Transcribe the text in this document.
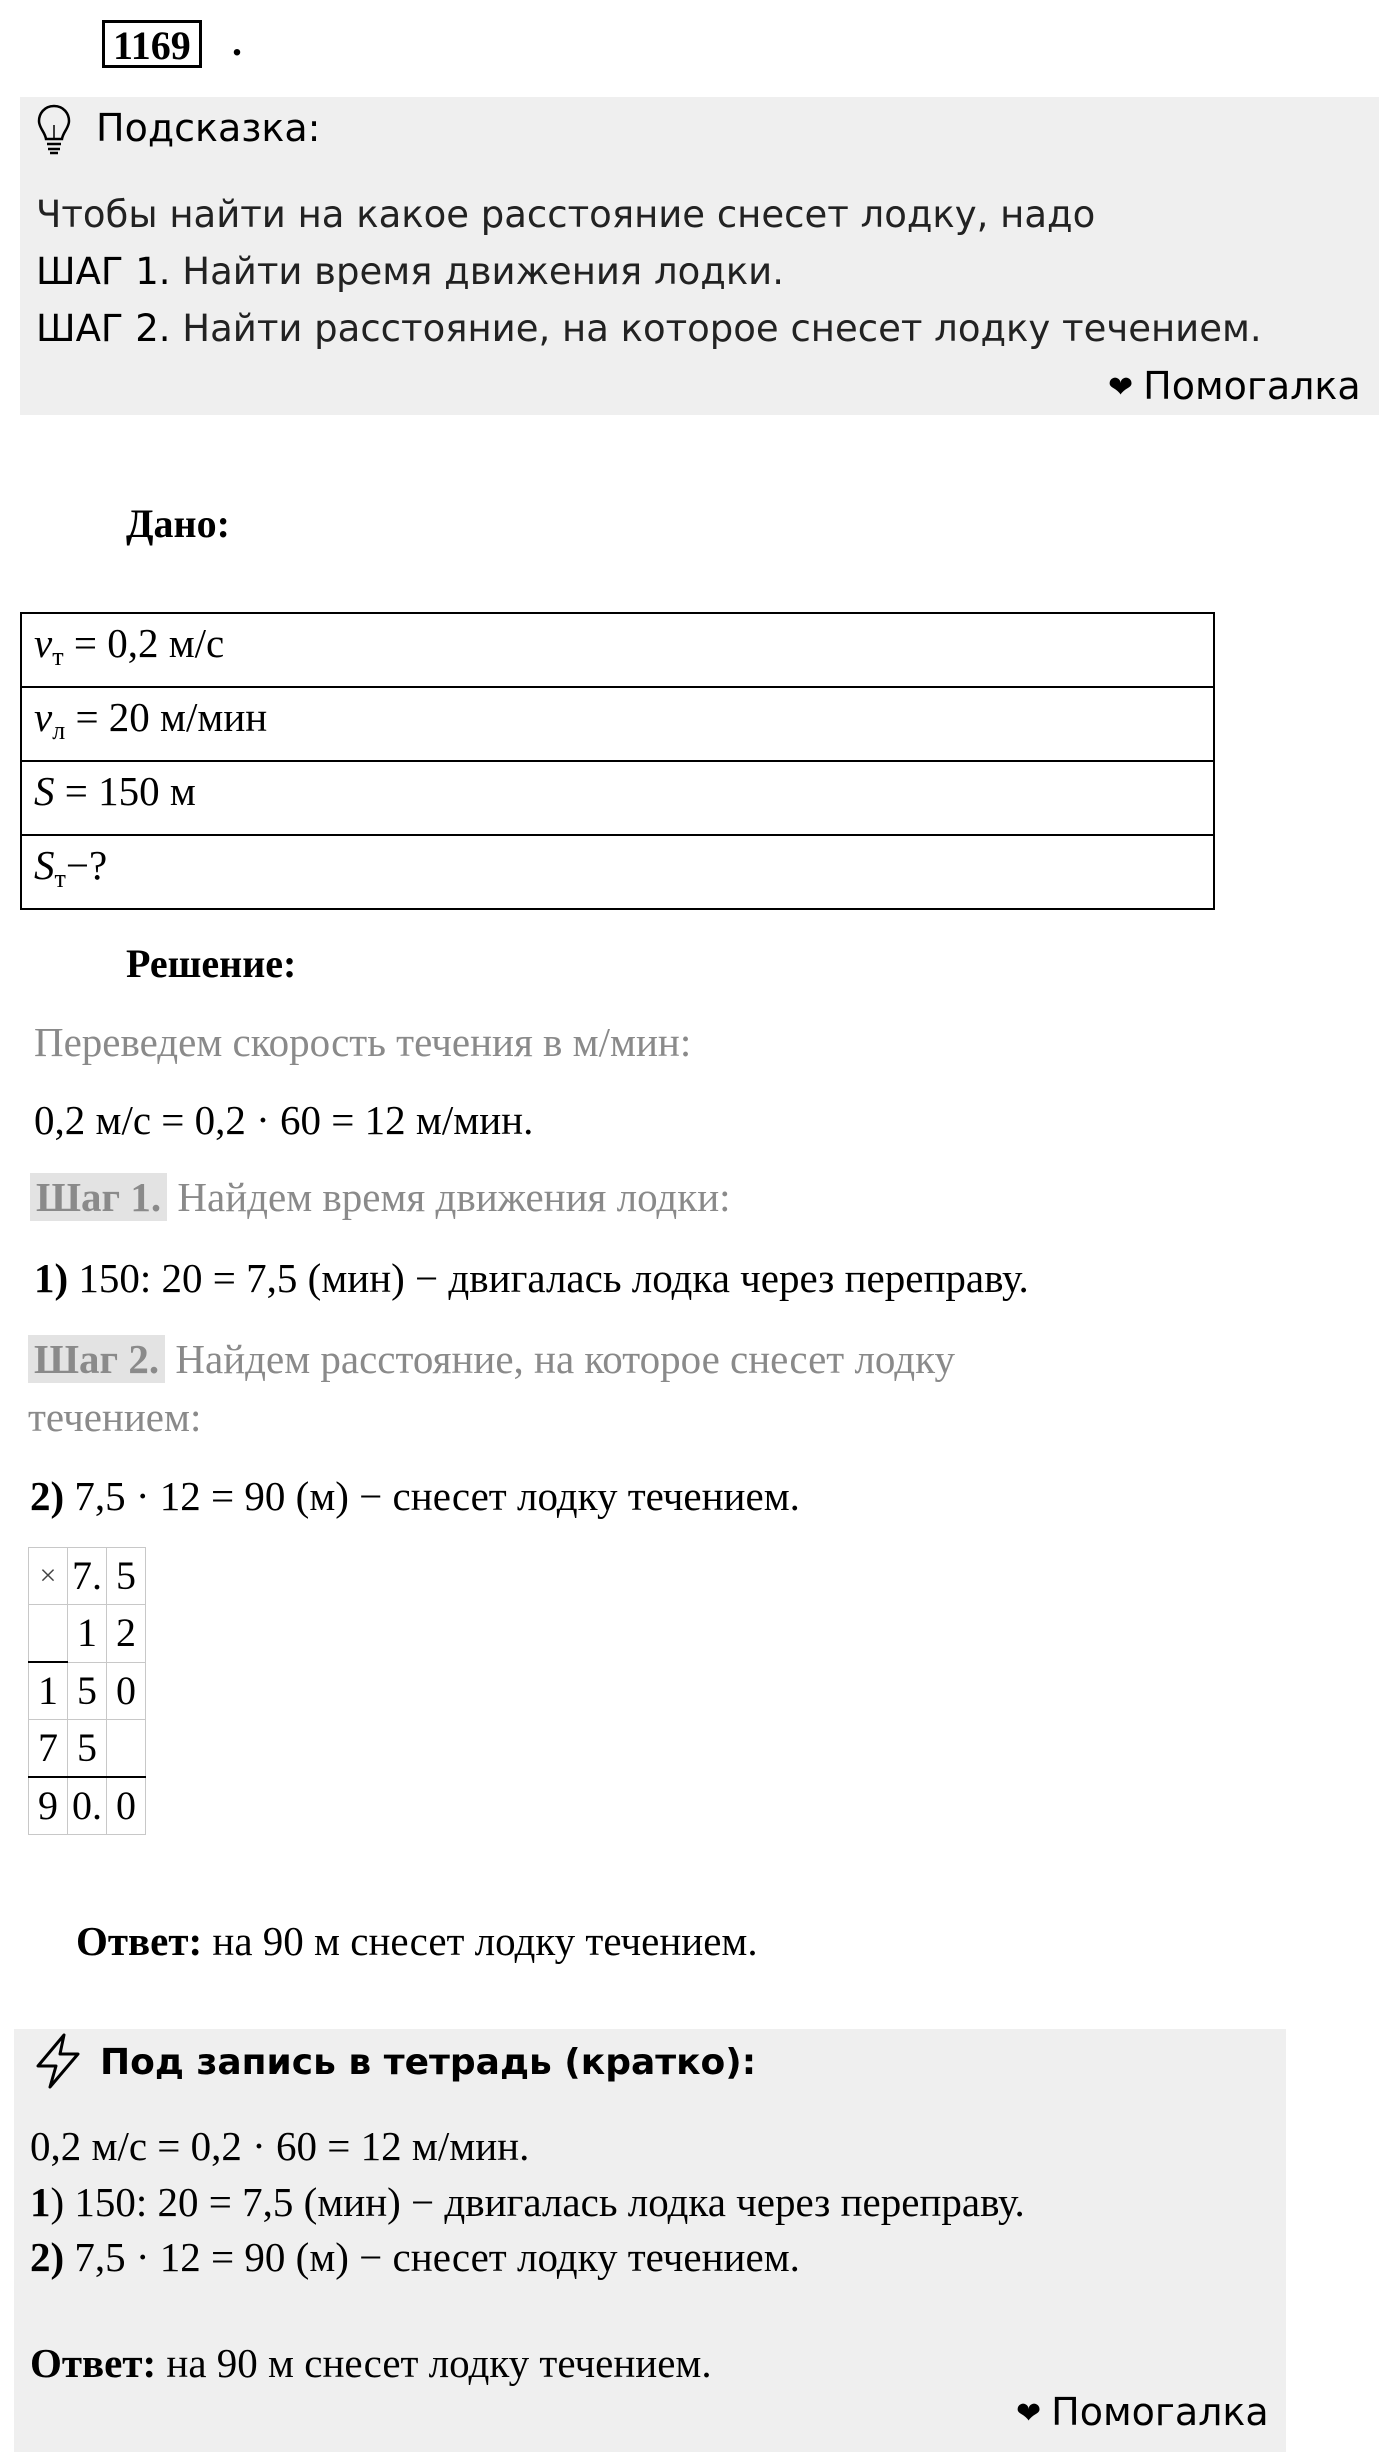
1169 .
Подсказка:
Чтобы найти на какое расстояние снесет лодку, надо
ШАГ 1. Найти время движения лодки.
ШАГ 2. Найти расстояние, на которое снесет лодку течением.
❤ Помогалка
Дано:
$v_т = 0,2$ м/с
$v_л = 20$ м/мин
S = 150 м
$S_т-$?
Решение:
Переведем скорость течения в м/мин:
0,2 м/с = 0,2 · 60 = 12 м/мин.
Шаг 1. Найдем время движения лодки:
1) 150: 20 = 7,5 (мин) − двигалась лодка через переправу.
Шаг 2. Найдем расстояние, на которое снесет лодку
течением:
2) 7,5 · 12 = 90 (м) − снесет лодку течением.
×	7.	5
	1	2
1	5	0
7	5	
9	0.	0
Ответ: на 90 м снесет лодку течением.
Под запись в тетрадь (кратко):
0,2 м/с = 0,2 · 60 = 12 м/мин.
1) 150: 20 = 7,5 (мин) − двигалась лодка через переправу.
2) 7,5 · 12 = 90 (м) − снесет лодку течением.
Ответ: на 90 м снесет лодку течением.
❤ Помогалка
